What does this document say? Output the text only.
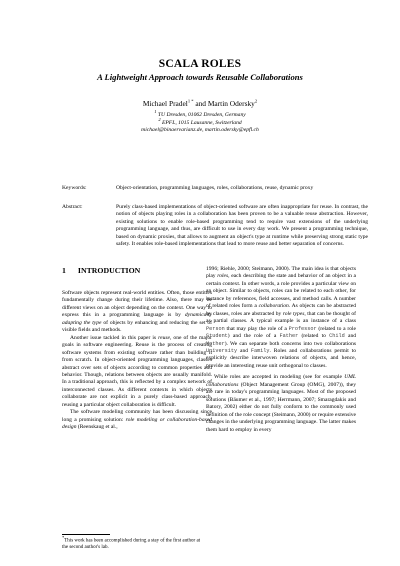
SCALA ROLES
A Lightweight Approach towards Reusable Collaborations
Michael Pradel$^{1 *}$ and Martin Odersky$^2$
$^1$ TU Dresden, 01062 Dresden, Germany
$^2$ EPFL, 1015 Lausanne, Switzerland
michael@binaervarianz.de, martin.odersky@epfl.ch
Keywords:	Object-orientation, programming languages, roles, collaborations, reuse, dynamic proxy
Abstract:	Purely class-based implementations of object-oriented software are often inappropriate for reuse. In contrast, the notion of objects playing roles in a collaboration has been proven to be a valuable reuse abstraction. However, existing solutions to enable role-based programming tend to require vast extensions of the underlying programming language, and thus, are difficult to use in every day work. We present a programming technique, based on dynamic proxies, that allows to augment an object's type at runtime while preserving strong static type safety. It enables role-based implementations that lead to more reuse and better separation of concerns.
1 INTRODUCTION

Software objects represent real-world entities. Often, those entities fundamentally change during their lifetime. Also, there may be different views on an object depending on the context. One way to express this in a programming language is by dynamically adapting the type of objects by enhancing and reducing the set of visible fields and methods.

Another issue tackled in this paper is reuse, one of the major goals in software engineering. Reuse is the process of creating software systems from existing software rather than building it from scratch. In object-oriented programming languages, classes abstract over sets of objects according to common properties and behavior. Though, relations between objects are usually manifold. In a traditional approach, this is reflected by a complex network of interconnected classes. As different contexts in which objects collaborate are not explicit in a purely class-based approach, reusing a particular object collaboration is difficult.

The software modeling community has been discussing since long a promising solution: role modeling or collaboration-based design (Reenskaug et al.,

*This work has been accomplished during a stay of the first author at the second author's lab.

1996; Riehle, 2000; Steimann, 2000). The main idea is that objects play roles, each describing the state and behavior of an object in a certain context. In other words, a role provides a particular view on an object. Similar to objects, roles can be related to each other, for instance by references, field accesses, and method calls. A number of related roles form a collaboration. As objects can be abstracted by classes, roles are abstracted by role types, that can be thought of as partial classes. A typical example is an instance of a class Person that may play the role of a Professor (related to a role Student) and the role of a Father (related to Child and Mother). We can separate both concerns into two collaborations University and Family. Roles and collaborations permit to explicitly describe interwoven relations of objects, and hence, provide an interesting reuse unit orthogonal to classes.

While roles are accepted in modeling (see for example UML collaborations (Object Management Group (OMG), 2007)), they are rare in today's programming languages. Most of the proposed solutions (Bäumer et al., 1997; Herrmann, 2007; Smaragdakis and Batory, 2002) either do not fully conform to the commonly used definition of the role concept (Steimann, 2000) or require extensive changes in the underlying programming language. The latter makes them hard to employ in every
